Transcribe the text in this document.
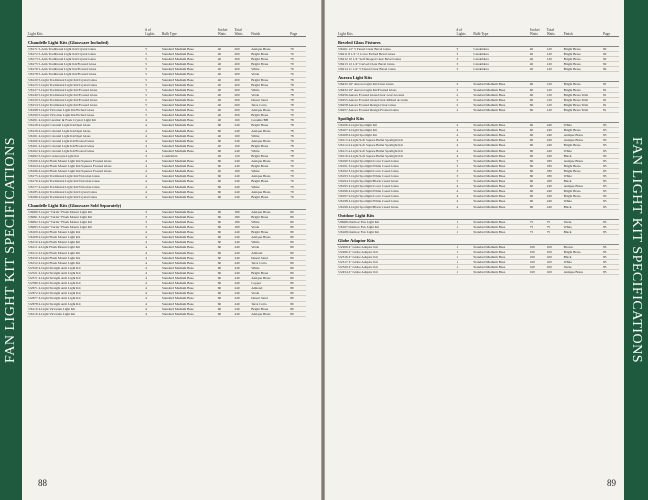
FAN LIGHT KIT SPECIFICATIONS
Light Kits	# of Lights	Bulb Type	Socket Watts	Total Watts	Finish	Page
Chandelle Light Kits (Glassware Included)						
•26171 5-Arm Traditional Light Kit/Crystal Glass	5	Standard Medium Base	40	200	Antique Brass	79
•26172 5-Arm Traditional Light Kit/Crystal Glass	5	Standard Medium Base	40	200	Bright Brass	79
•26173 5-Arm Traditional Light Kit/Crystal Glass	5	Standard Medium Base	40	200	Bright Brass	79
•26175 5-Arm Traditional Light Kit/Frosted Glass	5	Standard Medium Base	40	200	Bright Brass	79
•26176 5-Arm Traditional Light Kit/Frosted Glass	5	Standard Medium Base	40	200	White	79
•26178 5-Arm Traditional Light Kit/Frosted Glass	5	Standard Medium Base	40	200	Verde	79
•26120 5-Light Traditional Light Kit/Crystal Glass	5	Standard Medium Base	40	200	Bright Brass	78
•26125 5-Light Traditional Light Kit/Crystal Glass	5	Standard Medium Base	40	200	Bright Brass	78
•26127 5-Light Traditional Light Kit/Frosted Glass	5	Standard Medium Base	40	200	White	78
•26140 5-Light Traditional Light Kit/Frosted Glass	5	Standard Medium Base	40	200	Verde	78
•26150 5-Light Traditional Light Kit/Frosted Glass	5	Standard Medium Base	40	200	Desert Sand	78
•26154 5-Light Traditional Light Kit/Frosted Glass	5	Standard Medium Base	40	200	Terra Cotta	78
•26188 5-Light Victorian Light Kit/Etched Glass	5	Standard Medium Base	40	200	Antique Brass	79
•26199 5-Light Victorian Light Kit/Etched Glass	5	Standard Medium Base	40	200	Bright Brass	79
•26291 4-Light Ceramic & Faux Crystal Light Kit	4	Standard Medium Base	40	160	Ceramic/BB	78
•26128 4-Light Colonial Light Kit/Opal Glass	4	Standard Medium Base	60	240	Bright Brass	78
•26129 4-Light Colonial Light Kit/Opal Glass	4	Standard Medium Base	60	240	Antique Brass	78
•26161 4-Light Colonial Light Kit/Opal Glass	4	Standard Medium Base	40	160	White	78
•26160 4-Light Colonial Light Kit/Frosted Glass	4	Standard Medium Base	60	240	Antique Brass	78
•26161 4-Light Colonial Light Kit/Frosted Glass	4	Standard Medium Base	40	160	Bright Brass	78
•26162 4-Light Colonial Light Kit/Frosted Glass	4	Standard Medium Base	60	240	White	78
•26292 3-Light Cornucopia Light Kit	3	Candelabra	40	120	Bright Brass	78
•26160 4-Light Flush Mount Light Kit/Squares Frosted Glass	4	Standard Medium Base	60	240	Antique Brass	79
•26164 4-Light Flush Mount Light Kit/Squares Frosted Glass	4	Standard Medium Base	60	240	Bright Brass	79
•26166 4-Light Flush Mount Light Kit/Squares Frosted Glass	4	Standard Medium Base	40	160	White	79
•26175 4-Light Traditional Light Kit/Victorian Glass	4	Standard Medium Base	60	240	Antique Brass	79
•26176 4-Light Traditional Light Kit/Victorian Glass	4	Standard Medium Base	60	240	Bright Brass	79
•26177 4-Light Traditional Light Kit/Victorian Glass	4	Standard Medium Base	60	240	White	79
•26185 4-Light Traditional Light Kit/Crystal Glass	4	Standard Medium Base	60	240	Antique Brass	79
•26186 4-Light Traditional Light Kit/Crystal Glass	4	Standard Medium Base	60	240	Bright Brass	79
Chandelle Light Kits (Glassware Sold Separately)						
•26090 3-Light "Turtle" Flush Mount Light Kit	3	Standard Medium Base	60	180	Antique Brass	80
•26091 3-Light "Turtle" Flush Mount Light Kit	3	Standard Medium Base	60	180	Bright Brass	80
•26092 3-Light "Turtle" Flush Mount Light Kit	3	Standard Medium Base	60	180	White	80
•26093 3-Light "Turtle" Flush Mount Light Kit	3	Standard Medium Base	60	180	Verde	80
•26100 4-Light Flush Mount Light Kit	4	Standard Medium Base	60	240	Bright Brass	80
•26108 4-Light Flush Mount Light Kit	4	Standard Medium Base	60	240	Antique Brass	80
•26110 4-Light Flush Mount Light Kit	4	Standard Medium Base	60	240	White	80
•26111 4-Light Flush Mount Light Kit	4	Standard Medium Base	60	240	Verde	80
•26112 4-Light Flush Mount Light Kit	4	Standard Medium Base	60	240	Almond	80
•26150 4-Light Flush Mount Light Kit	4	Standard Medium Base	60	240	Desert Sand	80
•26152 4-Light Flush Mount Light Kit	4	Standard Medium Base	60	240	Terra Cotta	80
•22520 4-Light Straight Arm Light Kit	4	Standard Medium Base	60	240	White	80
•22521 4-Light Straight Arm Light Kit	4	Standard Medium Base	60	240	Bright Brass	80
•22571 4-Light Straight Arm Light Kit	4	Standard Medium Base	60	240	Antique Brass	80
•22580 4-Light Straight Arm Light Kit	4	Standard Medium Base	60	240	Copper	80
•22671 4-Light Straight Arm Light Kit	4	Standard Medium Base	60	240	Almond	80
•22672 4-Light Straight Arm Light Kit	4	Standard Medium Base	60	240	Verde	80
•22677 4-Light Straight Arm Light Kit	4	Standard Medium Base	60	240	Desert Sand	80
•22678 4-Light Straight Arm Light Kit	4	Standard Medium Base	60	240	Terra Cotta	80
•26110 4-Light Victorian Light Kit	4	Standard Medium Base	60	240	Bright Brass	80
•26110 4-Light Victorian Light Kit	4	Standard Medium Base	60	240	Antique Brass	80
88
FAN LIGHT KIT SPECIFICATIONS
Light Kits	# of Lights	Bulb Type	Socket Watts	Total Watts	Finish	Page
Beveled Glass Fixtures						
•26161 12" 5 Tiered Clear Bevel Glass	3	Candelabra	40	120	Bright Brass	82
•26211 8 1/2" 2 Color Etched Bevel Glass	3	Candelabra	40	120	Bright Brass	82
•26212 10 1/4" Self Shaped Clear Bevel Glass	3	Candelabra	40	120	Bright Brass	82
•26213 12 1/4" Curved Clear Bevel Glass	3	Candelabra	40	120	Bright Brass	82
•26214 11 1/4" 5 Tiered Clear Bevel Glass	3	Candelabra	40	120	Bright Brass	82
Aurora Light Kits						
•26433 16" Aurora Light Kit/Clear Glass	2	Standard Medium Base	60	120	Bright Brass	81
•26434 16" Aurora Light Kit/Frosted Glass	2	Standard Medium Base	60	120	Bright Brass	81
•26256 Aurora Frosted Glass/Clear Leaf Accents	2	Standard Medium Base	60	120	Bright Brass Trim	81
•26255 Aurora Frosted Glass/Clear Ribbed Accents	2	Standard Medium Base	60	120	Bright Brass Trim	81
•26258 Aurora Frosted Design Clear Glass	2	Standard Medium Base	60	120	Bright Brass Trim	81
•26257 Aurora Frosted Design Frosted Glass	2	Standard Medium Base	60	120	Bright Brass Trim	81
Spotlight Kits						
•26106 4-Light Spotlight Kit	4	Standard Medium Base	60	240	White	83
•26107 4-Light Spotlight Kit	4	Standard Medium Base	60	240	Bright Brass	83
•26108 4-Light Spotlight Kit	4	Standard Medium Base	60	240	Antique Brass	83
•26113 4-Light Soft Square Ballet Spotlight Kit	4	Standard Medium Base	60	240	Antique Brass	83
•26114 4-Light Soft Square Ballet Spotlight Kit	4	Standard Medium Base	60	240	Bright Brass	83
•26115 4-Light Soft Square Ballet Spotlight Kit	4	Standard Medium Base	60	240	White	83
•26116 4-Light Soft Square Ballet Spotlight Kit	4	Standard Medium Base	60	240	Black	83
•26190 3-Light Spotlight/Cover Cased Glass	3	Standard Medium Base	60	180	Antique Brass	83
•26191 3-Light Spotlight/White Cased Glass	3	Standard Medium Base	60	180	Bright Brass	83
•26192 3-Light Spotlight/Cover Cased Glass	3	Standard Medium Base	60	180	Bright Brass	83
•26193 3-Light Spotlight/White Cased Glass	3	Standard Medium Base	60	180	White	83
•26194 3-Light Spotlight/Black Cased Glass	3	Standard Medium Base	60	180	Black	83
•26195 4-Light Spotlight/Cover Cased Glass	4	Standard Medium Base	60	240	Antique Brass	83
•26196 4-Light Spotlight/White Cased Glass	4	Standard Medium Base	60	240	Bright Brass	83
•26197 4-Light Spotlight/Cover Cased Glass	4	Standard Medium Base	60	240	Bright Brass	83
•26198 4-Light Spotlight/White Cased Glass	4	Standard Medium Base	60	240	White	83
•26199 4-Light Spotlight/Black Cased Glass	4	Standard Medium Base	60	240	Black	83
Outdoor Light Kits						
•26066 Outdoor Fan Light Kit	1	Standard Medium Base	75	75	Verde	85
•26167 Outdoor Fan Light Kit	1	Standard Medium Base	75	75	White	85
•26168 Outdoor Fan Light Kit	1	Standard Medium Base	75	75	Black	85
Globe Adaptor Kits						
•22206 4" Globe Adaptor Kit	1	Standard Medium Base	100	100	Brown	85
•22206 4" Globe Adaptor Kit	1	Standard Medium Base	100	100	Bright Brass	85
•22316 4" Globe Adaptor Kit	1	Standard Medium Base	100	100	Black	85
•22317 4" Globe Adaptor Kit	1	Standard Medium Base	100	100	White	85
•22320 4" Globe Adaptor Kit	1	Standard Medium Base	100	100	Verde	85
•22454 4" Globe Adaptor Kit	1	Standard Medium Base	100	100	Antique Brass	85
89
